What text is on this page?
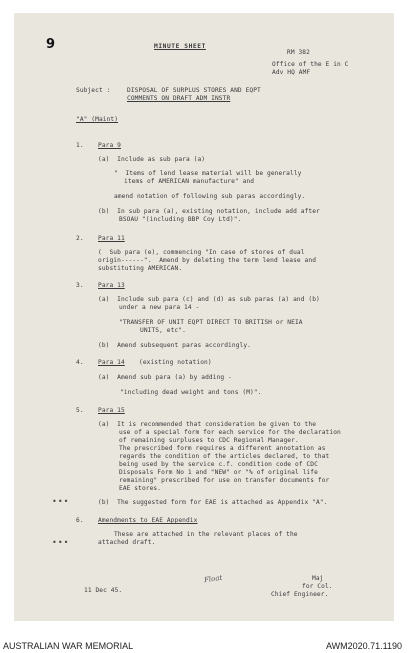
9	MINUTE SHEET
RM 382
Office of the E in C
Adv HQ AMF
Subject :	DISPOSAL OF SURPLUS STORES AND EQPT
COMMENTS ON DRAFT ADM INSTR
"A" (Maint)
1. Para 9
(a)  Include as sub para (a)
"  Items of lend lease material will be generally
items of AMERICAN manufacture" and
amend notation of following sub paras accordingly.
(b)  In sub para (a), existing notation, include add after
BSOAU "(including BBP Coy Ltd)".
2. Para 11
(  Sub para (e), commencing "In case of stores of dual
origin------".  Amend by deleting the term lend lease and
substituting AMERICAN.
3. Para 13
(a)  Include sub para (c) and (d) as sub paras (a) and (b)
under a new para 14 -
"TRANSFER OF UNIT EQPT DIRECT TO BRITISH or NEIA
UNITS, etc".
(b)  Amend subsequent paras accordingly.
4. Para 14 (existing notation)
(a)  Amend sub para (a) by adding -
"including dead weight and tons (M)".
5. Para 15
(a)  It is recommended that consideration be given to the
use of a special form for each service for the declaration
of remaining surpluses to CDC Regional Manager.
The prescribed form requires a different annotation as
regards the condition of the articles declared, to that
being used by the service c.f. condition code of CDC
Disposals Form No 1 and "NEW" or "% of original life
remaining" prescribed for use on transfer documents for
EAE stores.
•••	(b)  The suggested form for EAE is attached as Appendix "A".
6. Amendments to EAE Appendix
•••
These are attached in the relevant places of the
attached draft.
Float	Maj
11 Dec 45.
for Col.
Chief Engineer.
AUSTRALIAN WAR MEMORIAL	AWM2020.71.1190
